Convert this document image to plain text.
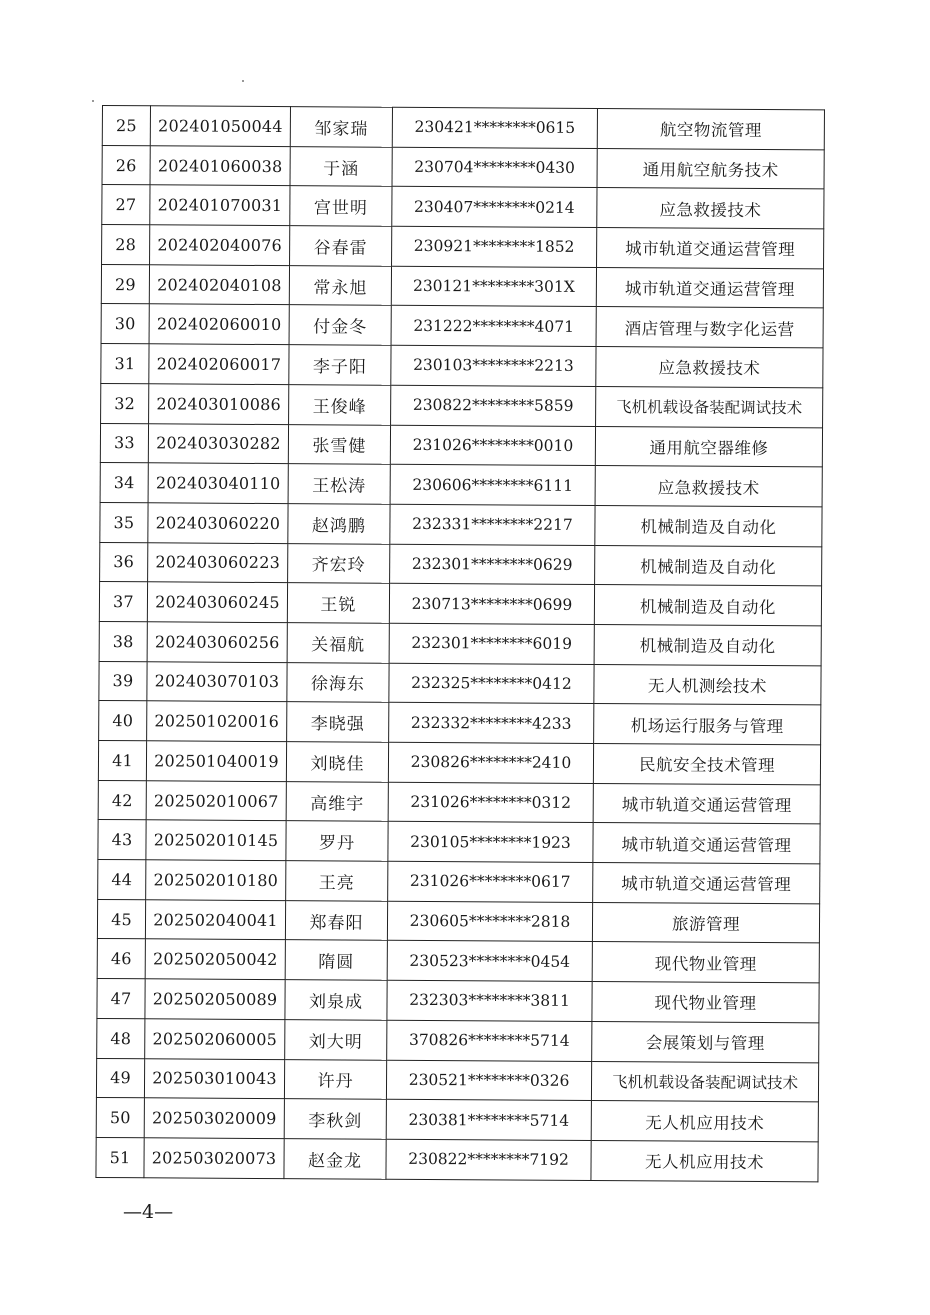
25	202401050044	邹家瑞	230421********0615	航空物流管理
26	202401060038	于涵	230704********0430	通用航空航务技术
27	202401070031	宫世明	230407********0214	应急救援技术
28	202402040076	谷春雷	230921********1852	城市轨道交通运营管理
29	202402040108	常永旭	230121********301X	城市轨道交通运营管理
30	202402060010	付金冬	231222********4071	酒店管理与数字化运营
31	202402060017	李子阳	230103********2213	应急救援技术
32	202403010086	王俊峰	230822********5859	飞机机载设备装配调试技术
33	202403030282	张雪健	231026********0010	通用航空器维修
34	202403040110	王松涛	230606********6111	应急救援技术
35	202403060220	赵鸿鹏	232331********2217	机械制造及自动化
36	202403060223	齐宏玲	232301********0629	机械制造及自动化
37	202403060245	王锐	230713********0699	机械制造及自动化
38	202403060256	关福航	232301********6019	机械制造及自动化
39	202403070103	徐海东	232325********0412	无人机测绘技术
40	202501020016	李晓强	232332********4233	机场运行服务与管理
41	202501040019	刘晓佳	230826********2410	民航安全技术管理
42	202502010067	高维宇	231026********0312	城市轨道交通运营管理
43	202502010145	罗丹	230105********1923	城市轨道交通运营管理
44	202502010180	王亮	231026********0617	城市轨道交通运营管理
45	202502040041	郑春阳	230605********2818	旅游管理
46	202502050042	隋圆	230523********0454	现代物业管理
47	202502050089	刘泉成	232303********3811	现代物业管理
48	202502060005	刘大明	370826********5714	会展策划与管理
49	202503010043	许丹	230521********0326	飞机机载设备装配调试技术
50	202503020009	李秋剑	230381********5714	无人机应用技术
51	202503020073	赵金龙	230822********7192	无人机应用技术
—4—
